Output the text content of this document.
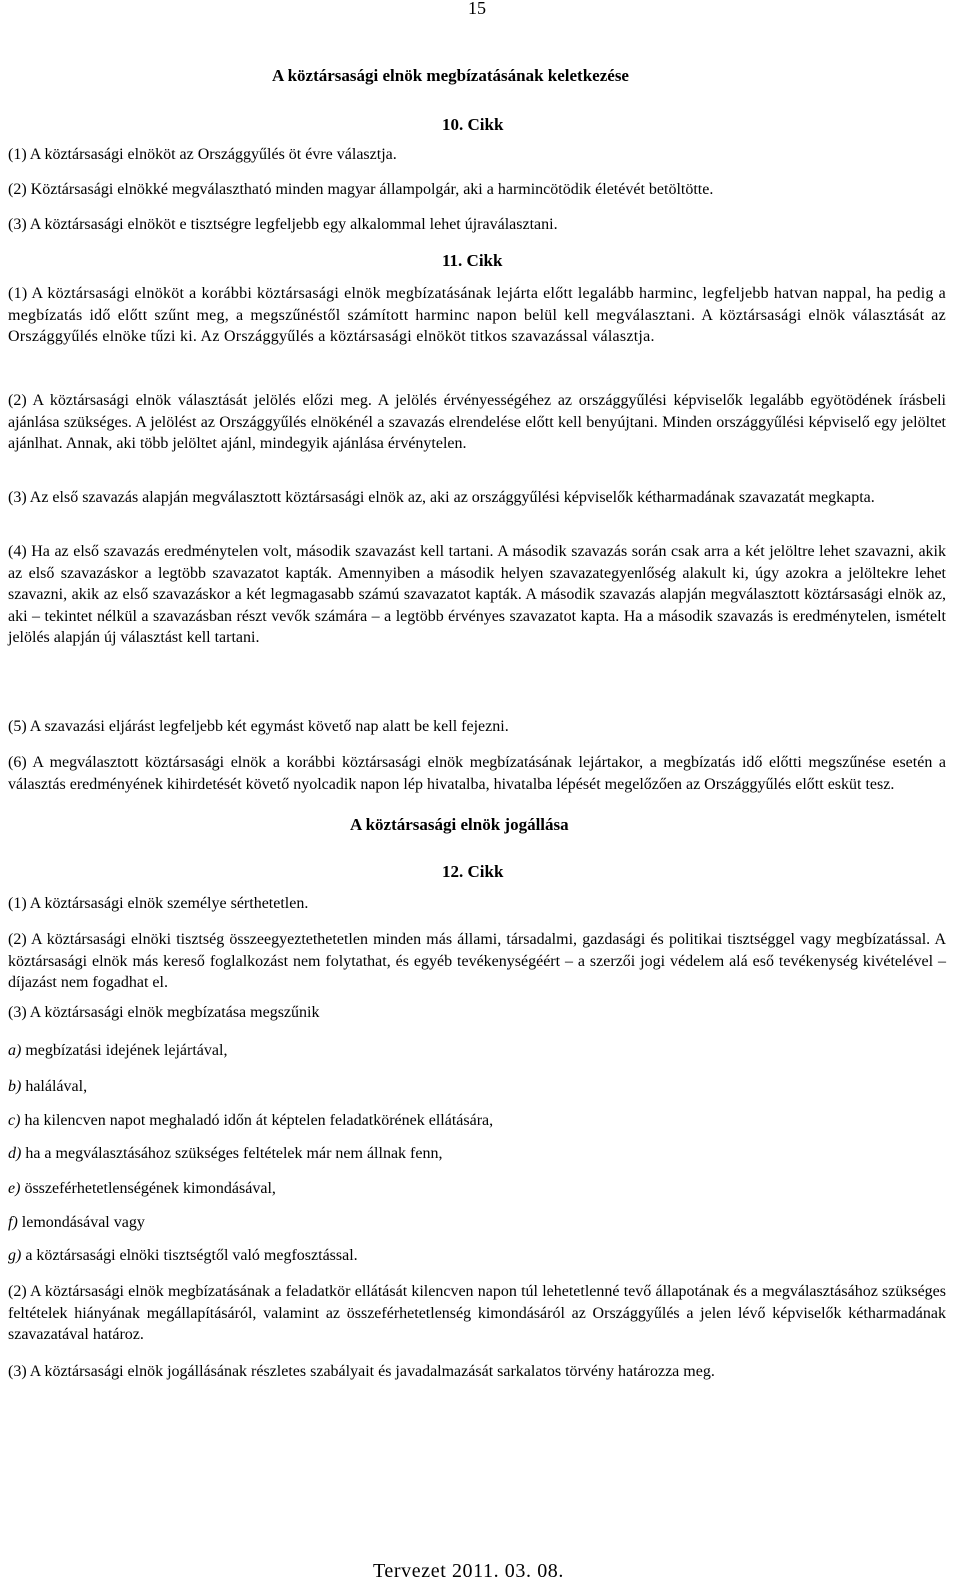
15
A köztársasági elnök megbízatásának keletkezése
10. Cikk
(1) A köztársasági elnököt az Országgyűlés öt évre választja.
(2) Köztársasági elnökké megválasztható minden magyar állampolgár, aki a harmincötödik életévét betöltötte.
(3) A köztársasági elnököt e tisztségre legfeljebb egy alkalommal lehet újraválasztani.
11. Cikk
(1) A köztársasági elnököt a korábbi köztársasági elnök megbízatásának lejárta előtt legalább harminc, legfeljebb hatvan nappal, ha pedig a megbízatás idő előtt szűnt meg, a megszűnéstől számított harminc napon belül kell megválasztani. A köztársasági elnök választását az Országgyűlés elnöke tűzi ki. Az Országgyűlés a köztársasági elnököt titkos szavazással választja.
(2) A köztársasági elnök választását jelölés előzi meg. A jelölés érvényességéhez az országgyűlési képviselők legalább egyötödének írásbeli ajánlása szükséges. A jelölést az Országgyűlés elnökénél a szavazás elrendelése előtt kell benyújtani. Minden országgyűlési képviselő egy jelöltet ajánlhat. Annak, aki több jelöltet ajánl, mindegyik ajánlása érvénytelen.
(3) Az első szavazás alapján megválasztott köztársasági elnök az, aki az országgyűlési képviselők kétharmadának szavazatát megkapta.
(4) Ha az első szavazás eredménytelen volt, második szavazást kell tartani. A második szavazás során csak arra a két jelöltre lehet szavazni, akik az első szavazáskor a legtöbb szavazatot kapták. Amennyiben a második helyen szavazategyenlőség alakult ki, úgy azokra a jelöltekre lehet szavazni, akik az első szavazáskor a két legmagasabb számú szavazatot kapták. A második szavazás alapján megválasztott köztársasági elnök az, aki – tekintet nélkül a szavazásban részt vevők számára – a legtöbb érvényes szavazatot kapta. Ha a második szavazás is eredménytelen, ismételt jelölés alapján új választást kell tartani.
(5) A szavazási eljárást legfeljebb két egymást követő nap alatt be kell fejezni.
(6) A megválasztott köztársasági elnök a korábbi köztársasági elnök megbízatásának lejártakor, a megbízatás idő előtti megszűnése esetén a választás eredményének kihirdetését követő nyolcadik napon lép hivatalba, hivatalba lépését megelőzően az Országgyűlés előtt esküt tesz.
A köztársasági elnök jogállása
12. Cikk
(1) A köztársasági elnök személye sérthetetlen.
(2) A köztársasági elnöki tisztség összeegyeztethetetlen minden más állami, társadalmi, gazdasági és politikai tisztséggel vagy megbízatással. A köztársasági elnök más kereső foglalkozást nem folytathat, és egyéb tevékenységéért – a szerzői jogi védelem alá eső tevékenység kivételével – díjazást nem fogadhat el.
(3) A köztársasági elnök megbízatása megszűnik
a) megbízatási idejének lejártával,
b) halálával,
c) ha kilencven napot meghaladó időn át képtelen feladatkörének ellátására,
d) ha a megválasztásához szükséges feltételek már nem állnak fenn,
e) összeférhetetlenségének kimondásával,
f) lemondásával vagy
g) a köztársasági elnöki tisztségtől való megfosztással.
(2) A köztársasági elnök megbízatásának a feladatkör ellátását kilencven napon túl lehetetlenné tevő állapotának és a megválasztásához szükséges feltételek hiányának megállapításáról, valamint az összeférhetetlenség kimondásáról az Országgyűlés a jelen lévő képviselők kétharmadának szavazatával határoz.
(3) A köztársasági elnök jogállásának részletes szabályait és javadalmazását sarkalatos törvény határozza meg.
Tervezet 2011. 03. 08.
